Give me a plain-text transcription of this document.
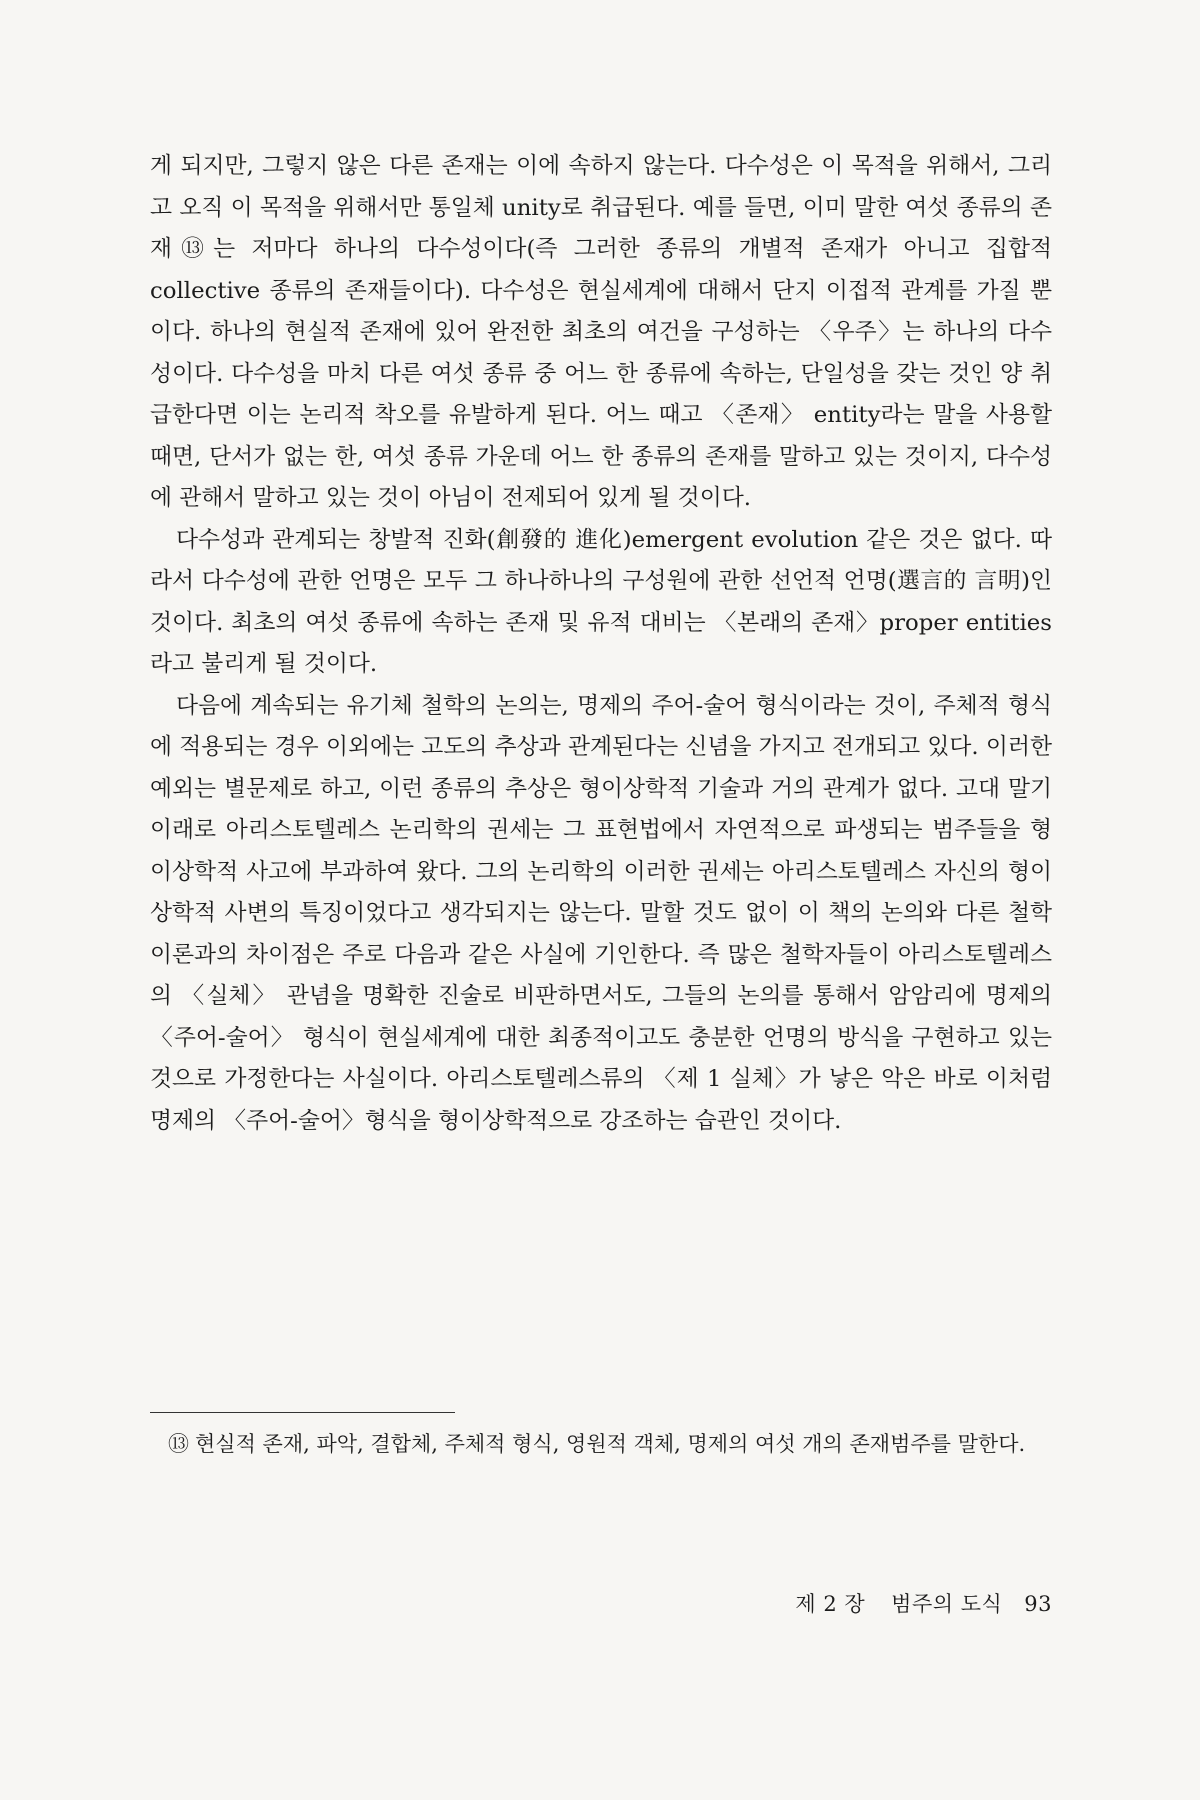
게 되지만, 그렇지 않은 다른 존재는 이에 속하지 않는다. 다수성은 이 목적을 위해서, 그리고 오직 이 목적을 위해서만 통일체 unity로 취급된다. 예를 들면, 이미 말한 여섯 종류의 존재⑬는 저마다 하나의 다수성이다(즉 그러한 종류의 개별적 존재가 아니고 집합적 collective 종류의 존재들이다). 다수성은 현실세계에 대해서 단지 이접적 관계를 가질 뿐이다. 하나의 현실적 존재에 있어 완전한 최초의 여건을 구성하는 〈우주〉는 하나의 다수성이다. 다수성을 마치 다른 여섯 종류 중 어느 한 종류에 속하는, 단일성을 갖는 것인 양 취급한다면 이는 논리적 착오를 유발하게 된다. 어느 때고 〈존재〉 entity라는 말을 사용할 때면, 단서가 없는 한, 여섯 종류 가운데 어느 한 종류의 존재를 말하고 있는 것이지, 다수성에 관해서 말하고 있는 것이 아님이 전제되어 있게 될 것이다.

다수성과 관계되는 창발적 진화(創發的 進化)emergent evolution 같은 것은 없다. 따라서 다수성에 관한 언명은 모두 그 하나하나의 구성원에 관한 선언적 언명(選言的 言明)인 것이다. 최초의 여섯 종류에 속하는 존재 및 유적 대비는 〈본래의 존재〉proper entities라고 불리게 될 것이다.

다음에 계속되는 유기체 철학의 논의는, 명제의 주어-술어 형식이라는 것이, 주체적 형식에 적용되는 경우 이외에는 고도의 추상과 관계된다는 신념을 가지고 전개되고 있다. 이러한 예외는 별문제로 하고, 이런 종류의 추상은 형이상학적 기술과 거의 관계가 없다. 고대 말기 이래로 아리스토텔레스 논리학의 권세는 그 표현법에서 자연적으로 파생되는 범주들을 형이상학적 사고에 부과하여 왔다. 그의 논리학의 이러한 권세는 아리스토텔레스 자신의 형이상학적 사변의 특징이었다고 생각되지는 않는다. 말할 것도 없이 이 책의 논의와 다른 철학이론과의 차이점은 주로 다음과 같은 사실에 기인한다. 즉 많은 철학자들이 아리스토텔레스의 〈실체〉 관념을 명확한 진술로 비판하면서도, 그들의 논의를 통해서 암암리에 명제의 〈주어-술어〉 형식이 현실세계에 대한 최종적이고도 충분한 언명의 방식을 구현하고 있는 것으로 가정한다는 사실이다. 아리스토텔레스류의 〈제 1 실체〉가 낳은 악은 바로 이처럼 명제의 〈주어-술어〉형식을 형이상학적으로 강조하는 습관인 것이다.

⑬ 현실적 존재, 파악, 결합체, 주체적 형식, 영원적 객체, 명제의 여섯 개의 존재범주를 말한다.
제 2 장 범주의 도식 93
